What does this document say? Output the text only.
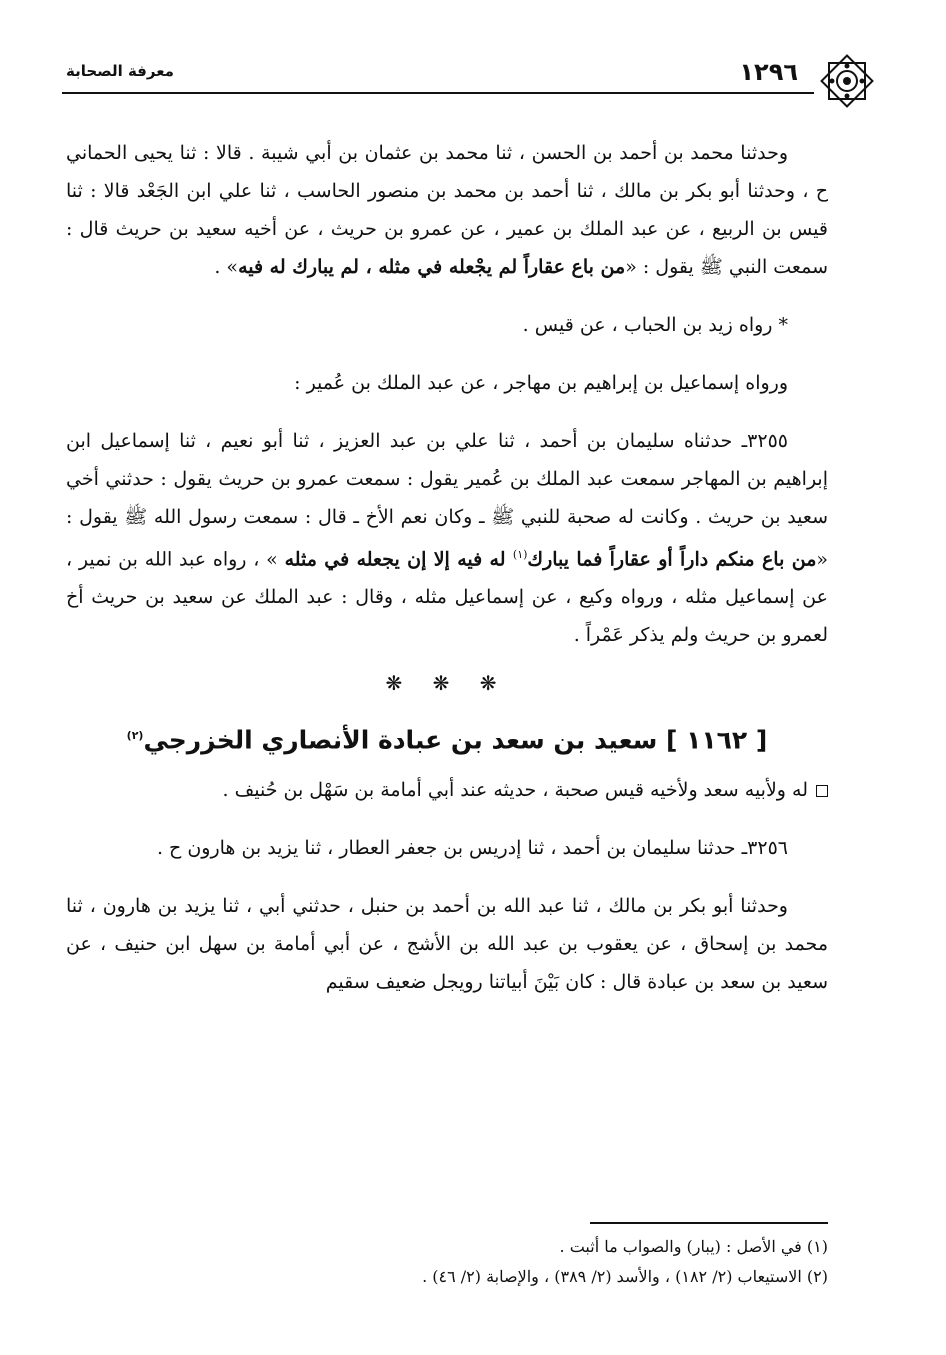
معرفة الصحابة	١٢٩٦

وحدثنا محمد بن أحمد بن الحسن ، ثنا محمد بن عثمان بن أبي شيبة . قالا : ثنا يحيى الحماني ح ، وحدثنا أبو بكر بن مالك ، ثنا أحمد بن محمد بن منصور الحاسب ، ثنا علي ابن الجَعْد قالا : ثنا قيس بن الربيع ، عن عبد الملك بن عمير ، عن عمرو بن حريث ، عن أخيه سعيد بن حريث قال : سمعت النبي ﷺ يقول : «من باع عقاراً لم يجْعله في مثله ، لم يبارك له فيه» .

* رواه زيد بن الحباب ، عن قيس .

ورواه إسماعيل بن إبراهيم بن مهاجر ، عن عبد الملك بن عُمير :

٣٢٥٥ـ حدثناه سليمان بن أحمد ، ثنا علي بن عبد العزيز ، ثنا أبو نعيم ، ثنا إسماعيل ابن إبراهيم بن المهاجر سمعت عبد الملك بن عُمير يقول : سمعت عمرو بن حريث يقول : حدثني أخي سعيد بن حريث . وكانت له صحبة للنبي ﷺ ـ وكان نعم الأخ ـ قال : سمعت رسول الله ﷺ يقول : «من باع منكم داراً أو عقاراً فما يبارك$^{(١)}$ له فيه إلا إن يجعله في مثله » ، رواه عبد الله بن نمير ، عن إسماعيل مثله ، ورواه وكيع ، عن إسماعيل مثله ، وقال : عبد الملك عن سعيد بن حريث أخ لعمرو بن حريث ولم يذكر عَمْراً .

❋ ❋ ❋

[ ١١٦٢ ] سعيد بن سعد بن عبادة الأنصاري الخزرجي$^{(٢)}$

له ولأبيه سعد ولأخيه قيس صحبة ، حديثه عند أبي أمامة بن سَهْل بن حُنيف .

٣٢٥٦ـ حدثنا سليمان بن أحمد ، ثنا إدريس بن جعفر العطار ، ثنا يزيد بن هارون ح .

وحدثنا أبو بكر بن مالك ، ثنا عبد الله بن أحمد بن حنبل ، حدثني أبي ، ثنا يزيد بن هارون ، ثنا محمد بن إسحاق ، عن يعقوب بن عبد الله بن الأشج ، عن أبي أمامة بن سهل ابن حنيف ، عن سعيد بن سعد بن عبادة قال : كان بَيْنَ أبياتنا رويجل ضعيف سقيم

(١) في الأصل : (يبار) والصواب ما أثبت .

(٢) الاستيعاب (٢/ ١٨٢) ، والأسد (٢/ ٣٨٩) ، والإصابة (٢/ ٤٦) .
